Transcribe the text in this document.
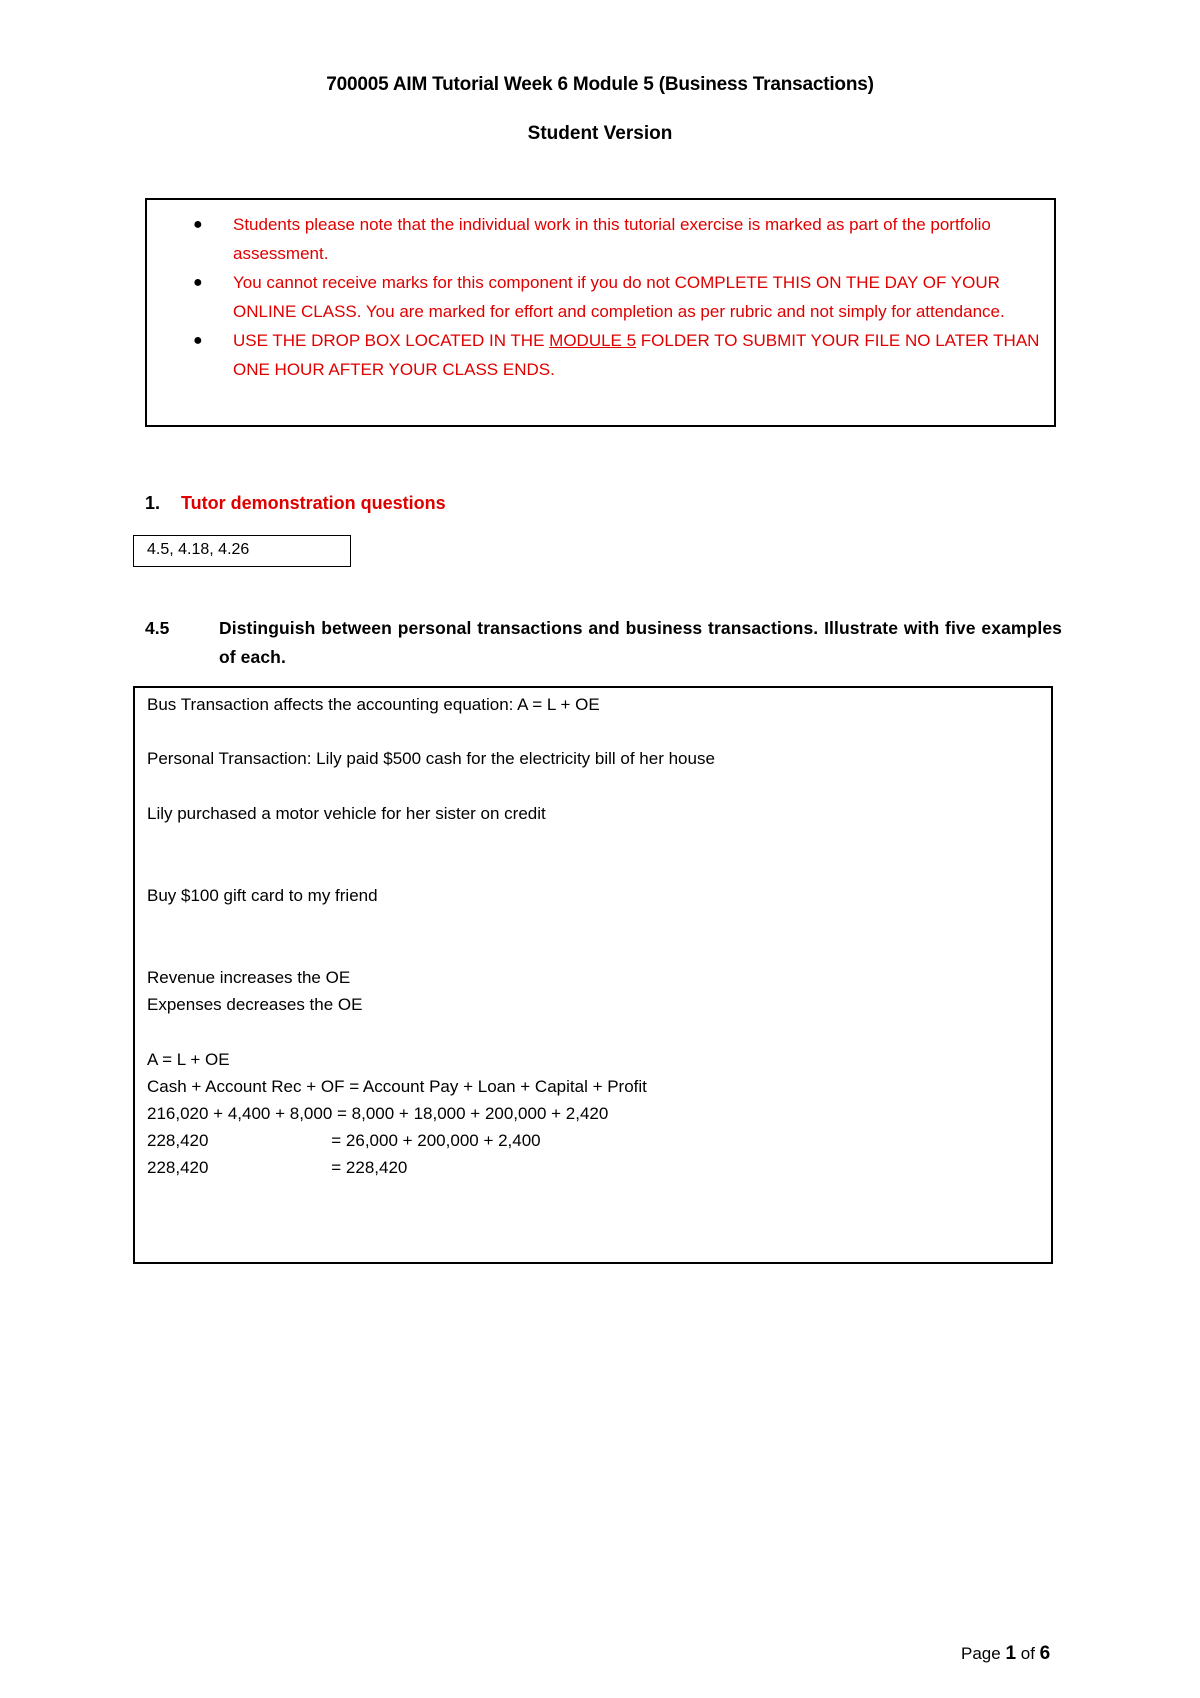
700005 AIM Tutorial Week 6 Module 5 (Business Transactions)
Student Version
● Students please note that the individual work in this tutorial exercise is marked as part of the portfolio assessment.
● You cannot receive marks for this component if you do not COMPLETE THIS ON THE DAY OF YOUR ONLINE CLASS. You are marked for effort and completion as per rubric and not simply for attendance.
● USE THE DROP BOX LOCATED IN THE MODULE 5 FOLDER TO SUBMIT YOUR FILE NO LATER THAN ONE HOUR AFTER YOUR CLASS ENDS.
1. Tutor demonstration questions
4.5, 4.18, 4.26
4.5	Distinguish between personal transactions and business transactions. Illustrate with five examples of each.
Bus Transaction affects the accounting equation: A = L + OE
Personal Transaction: Lily paid $500 cash for the electricity bill of her house
Lily purchased a motor vehicle for her sister on credit
Buy $100 gift card to my friend
Revenue increases the OE
Expenses decreases the OE
A = L + OE
Cash + Account Rec + OF = Account Pay + Loan + Capital + Profit
216,020 + 4,400 + 8,000 = 8,000 + 18,000 + 200,000 + 2,420
228,420                          = 26,000 + 200,000 + 2,400
228,420                          = 228,420
Page 1 of 6
